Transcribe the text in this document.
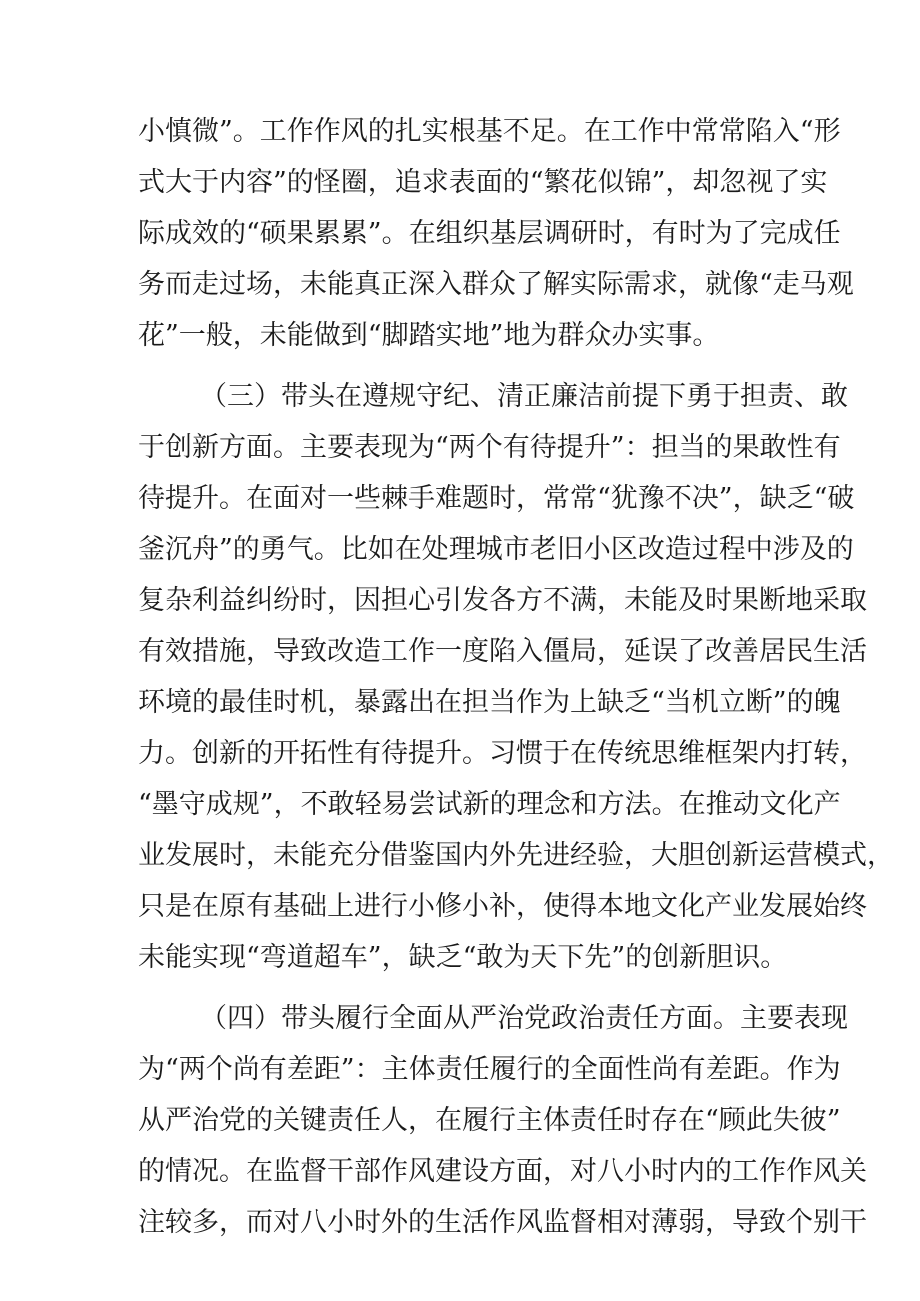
小慎微”。工作作风的扎实根基不足。在工作中常常陷入“形
式大于内容”的怪圈，追求表面的“繁花似锦”，却忽视了实
际成效的“硕果累累”。在组织基层调研时，有时为了完成任
务而走过场，未能真正深入群众了解实际需求，就像“走马观
花”一般，未能做到“脚踏实地”地为群众办实事。
（三）带头在遵规守纪、清正廉洁前提下勇于担责、敢
于创新方面。主要表现为“两个有待提升”：担当的果敢性有
待提升。在面对一些棘手难题时，常常“犹豫不决”，缺乏“破
釜沉舟”的勇气。比如在处理城市老旧小区改造过程中涉及的
复杂利益纠纷时，因担心引发各方不满，未能及时果断地采取
有效措施，导致改造工作一度陷入僵局，延误了改善居民生活
环境的最佳时机，暴露出在担当作为上缺乏“当机立断”的魄
力。创新的开拓性有待提升。习惯于在传统思维框架内打转，
“墨守成规”，不敢轻易尝试新的理念和方法。在推动文化产
业发展时，未能充分借鉴国内外先进经验，大胆创新运营模式，
只是在原有基础上进行小修小补，使得本地文化产业发展始终
未能实现“弯道超车”，缺乏“敢为天下先”的创新胆识。
（四）带头履行全面从严治党政治责任方面。主要表现
为“两个尚有差距”：主体责任履行的全面性尚有差距。作为
从严治党的关键责任人，在履行主体责任时存在“顾此失彼”
的情况。在监督干部作风建设方面，对八小时内的工作作风关
注较多，而对八小时外的生活作风监督相对薄弱，导致个别干
